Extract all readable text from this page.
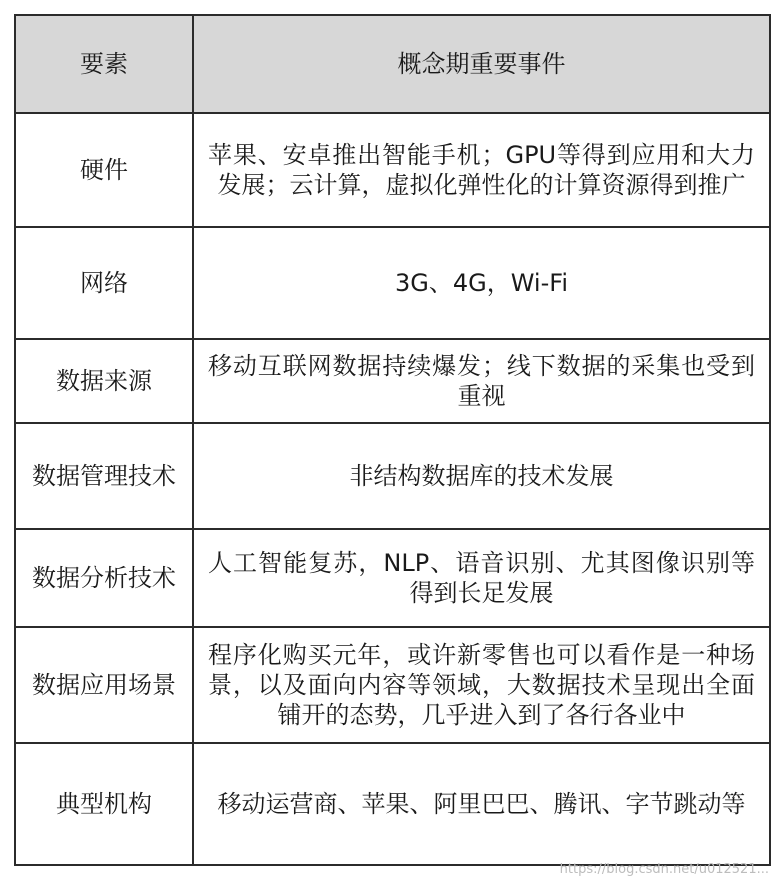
要素	概念期重要事件
硬件	苹果、安卓推出智能手机；GPU等得到应用和大力发展；云计算，虚拟化弹性化的计算资源得到推广
网络	3G、4G，Wi-Fi
数据来源	移动互联网数据持续爆发；线下数据的采集也受到重视
数据管理技术	非结构数据库的技术发展
数据分析技术	人工智能复苏，NLP、语音识别、尤其图像识别等得到长足发展
数据应用场景	程序化购买元年，或许新零售也可以看作是一种场景，以及面向内容等领域，大数据技术呈现出全面铺开的态势，几乎进入到了各行各业中
典型机构	移动运营商、苹果、阿里巴巴、腾讯、字节跳动等
https://blog.csdn.net/u012521...
